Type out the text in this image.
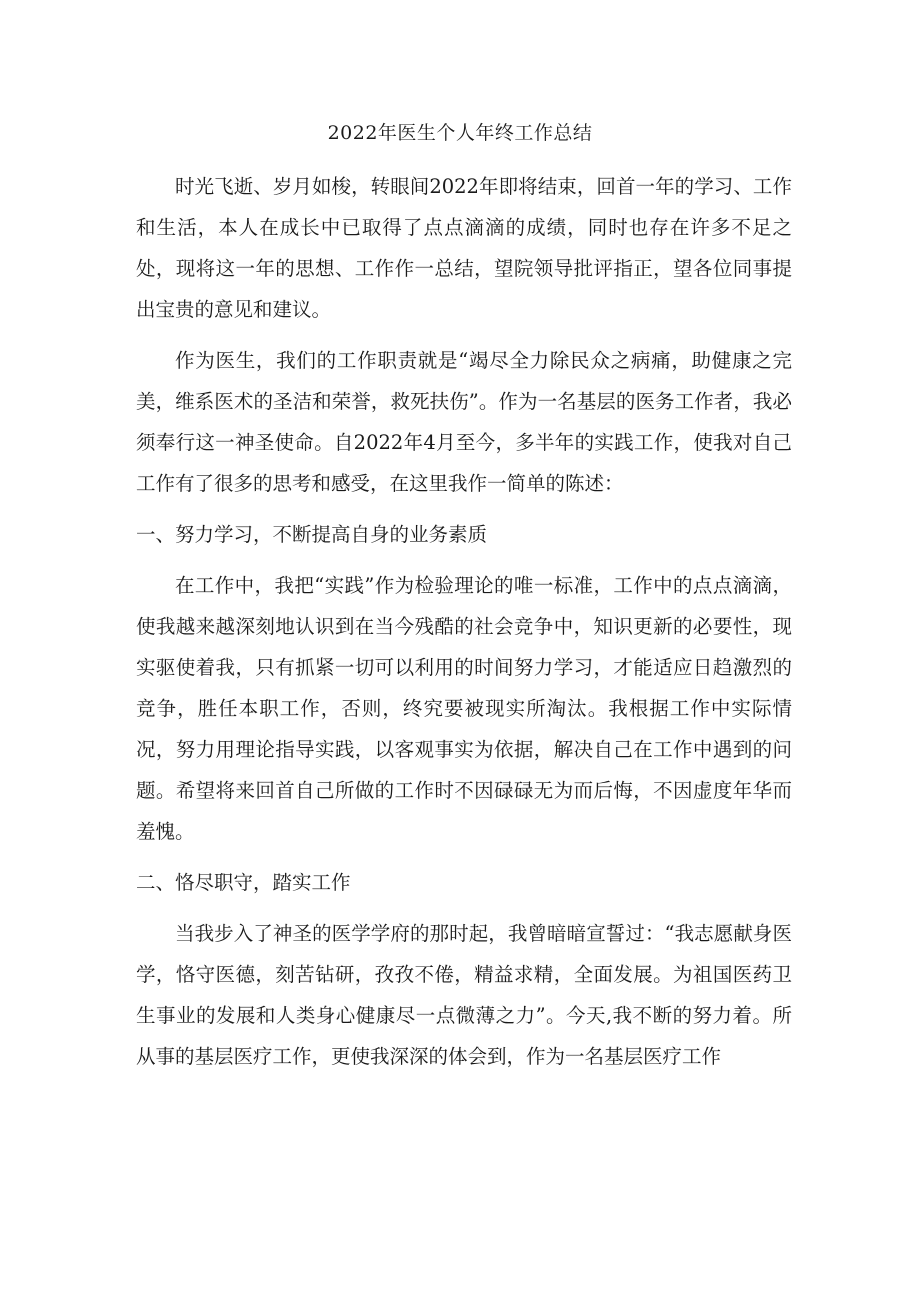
2022年医生个人年终工作总结

时光飞逝、岁月如梭，转眼间2022年即将结束，回首一年的学习、工作和生活，本人在成长中已取得了点点滴滴的成绩，同时也存在许多不足之处，现将这一年的思想、工作作一总结，望院领导批评指正，望各位同事提出宝贵的意见和建议。

作为医生，我们的工作职责就是“竭尽全力除民众之病痛，助健康之完美，维系医术的圣洁和荣誉，救死扶伤”。作为一名基层的医务工作者，我必须奉行这一神圣使命。自2022年4月至今，多半年的实践工作，使我对自己工作有了很多的思考和感受，在这里我作一简单的陈述：

一、努力学习，不断提高自身的业务素质

在工作中，我把“实践”作为检验理论的唯一标准，工作中的点点滴滴，使我越来越深刻地认识到在当今残酷的社会竞争中，知识更新的必要性，现实驱使着我，只有抓紧一切可以利用的时间努力学习，才能适应日趋激烈的竞争，胜任本职工作，否则，终究要被现实所淘汰。我根据工作中实际情况，努力用理论指导实践，以客观事实为依据，解决自己在工作中遇到的问题。希望将来回首自己所做的工作时不因碌碌无为而后悔，不因虚度年华而羞愧。

二、恪尽职守，踏实工作

当我步入了神圣的医学学府的那时起，我曾暗暗宣誓过：“我志愿献身医学，恪守医德，刻苦钻研，孜孜不倦，精益求精，全面发展。为祖国医药卫生事业的发展和人类身心健康尽一点微薄之力”。今天,我不断的努力着。所从事的基层医疗工作，更使我深深的体会到，作为一名基层医疗工作
